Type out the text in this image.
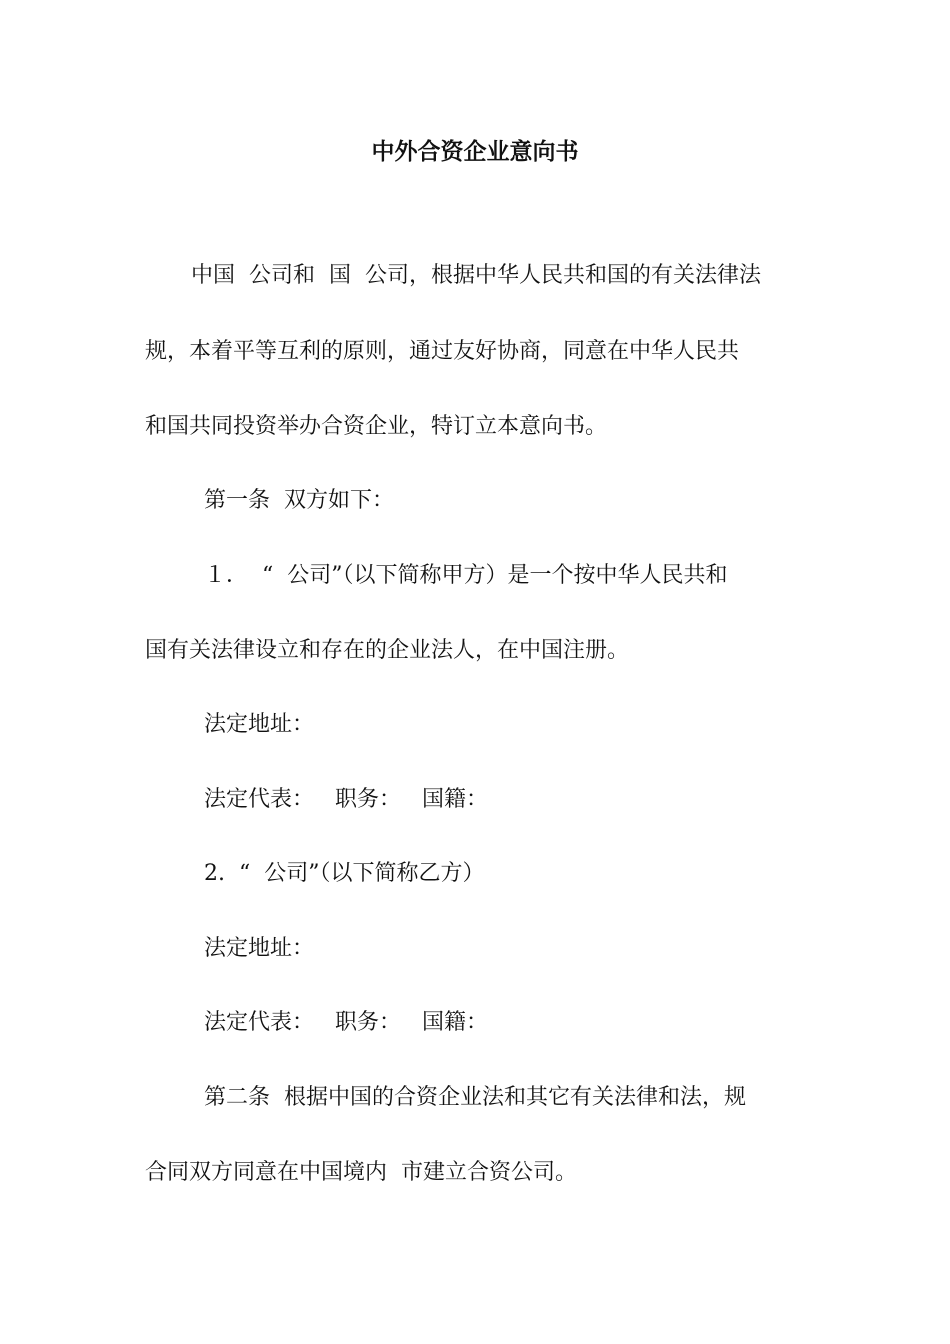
中外合资企业意向书
中国  公司和  国  公司，根据中华人民共和国的有关法律法
规，本着平等互利的原则，通过友好协商，同意在中华人民共
和国共同投资举办合资企业，特订立本意向书。
第一条  双方如下：
１．  “  公司”（以下简称甲方）是一个按中华人民共和
国有关法律设立和存在的企业法人，在中国注册。
法定地址：
法定代表：   职务：   国籍：
2.  “  公司”（以下简称乙方）
法定地址：
法定代表：   职务：   国籍：
第二条  根据中国的合资企业法和其它有关法律和法，规
合同双方同意在中国境内  市建立合资公司。
